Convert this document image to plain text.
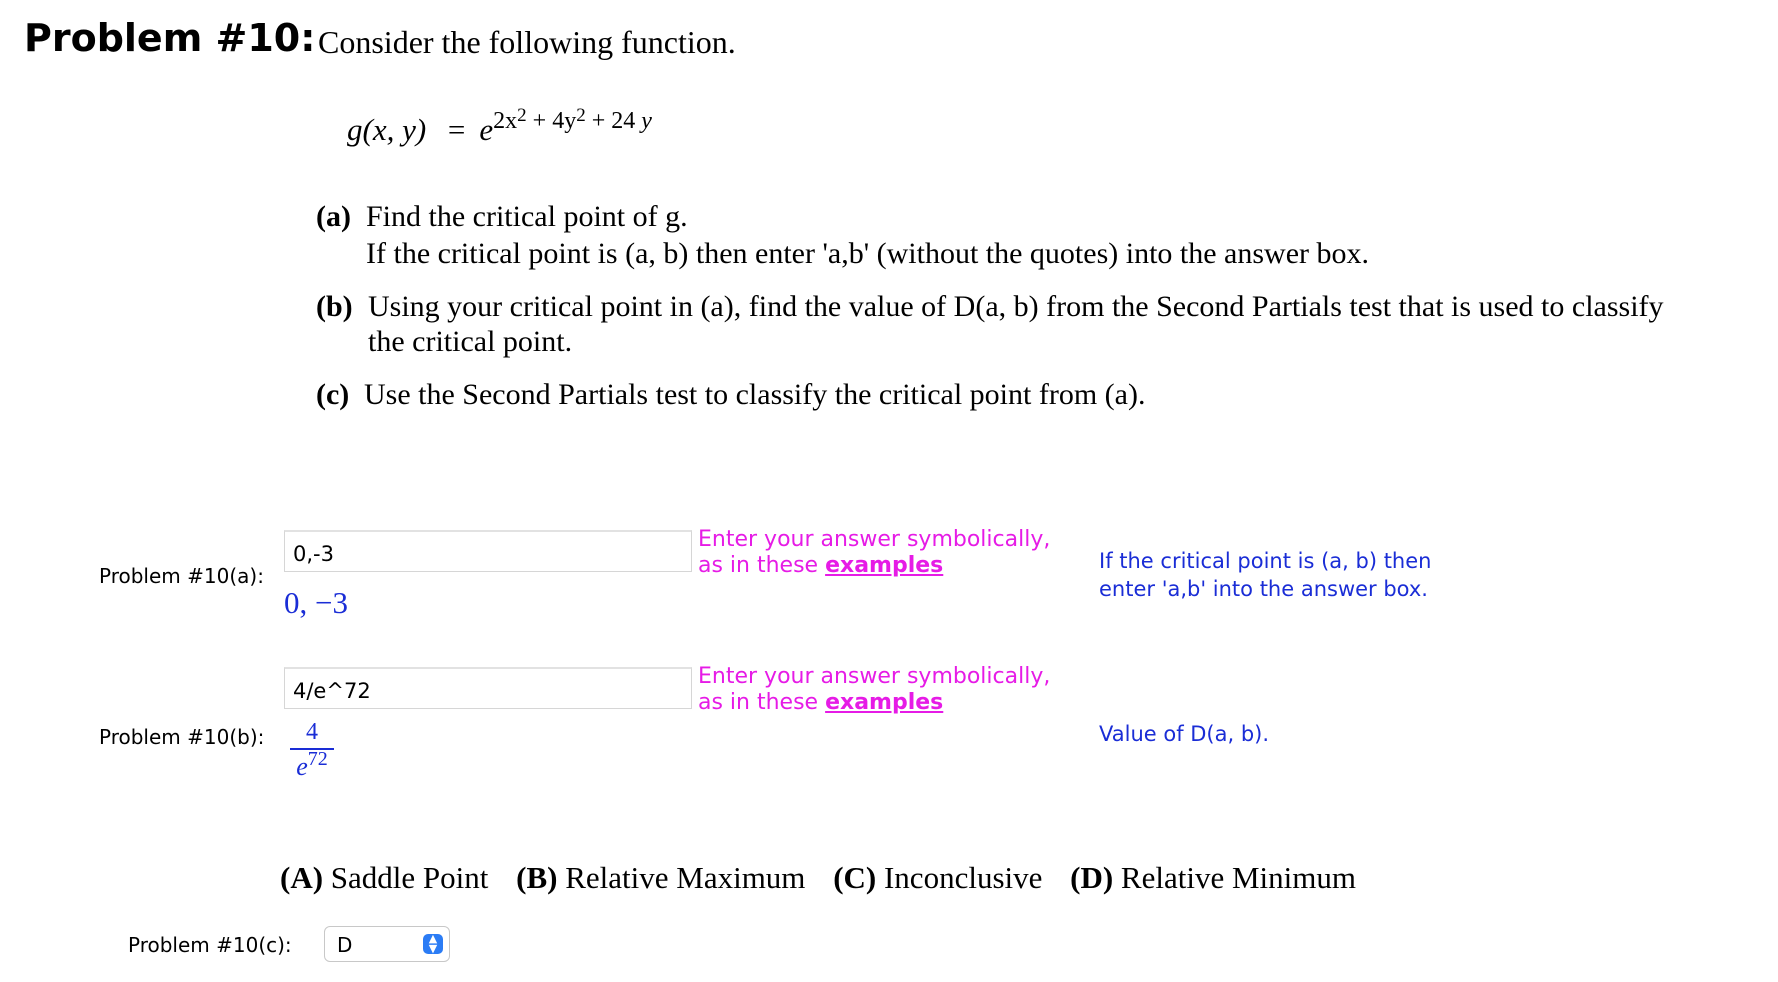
Problem #10: Consider the following function.
g(x, $y) = e^{2x^2 + 4y^2 + 24 y}$
(a) Find the critical point of g.
If the critical point is (a, b) then enter 'a,b' (without the quotes) into the answer box.
(b) Using your critical point in (a), find the value of D(a, b) from the Second Partials test that is used to classify
the critical point.
(c) Use the Second Partials test to classify the critical point from (a).
Problem #10(a):
0,-3
0, −3
Enter your answer symbolically,
as in these examples	If the critical point is (a, b) then
enter 'a,b' into the answer box.
Problem #10(b):
4/e^72
4
$e^{72}$
Enter your answer symbolically,
as in these examples
Value of D(a, b).
(A) Saddle Point (B) Relative Maximum (C) Inconclusive (D) Relative Minimum
Problem #10(c): D	▲
▼
